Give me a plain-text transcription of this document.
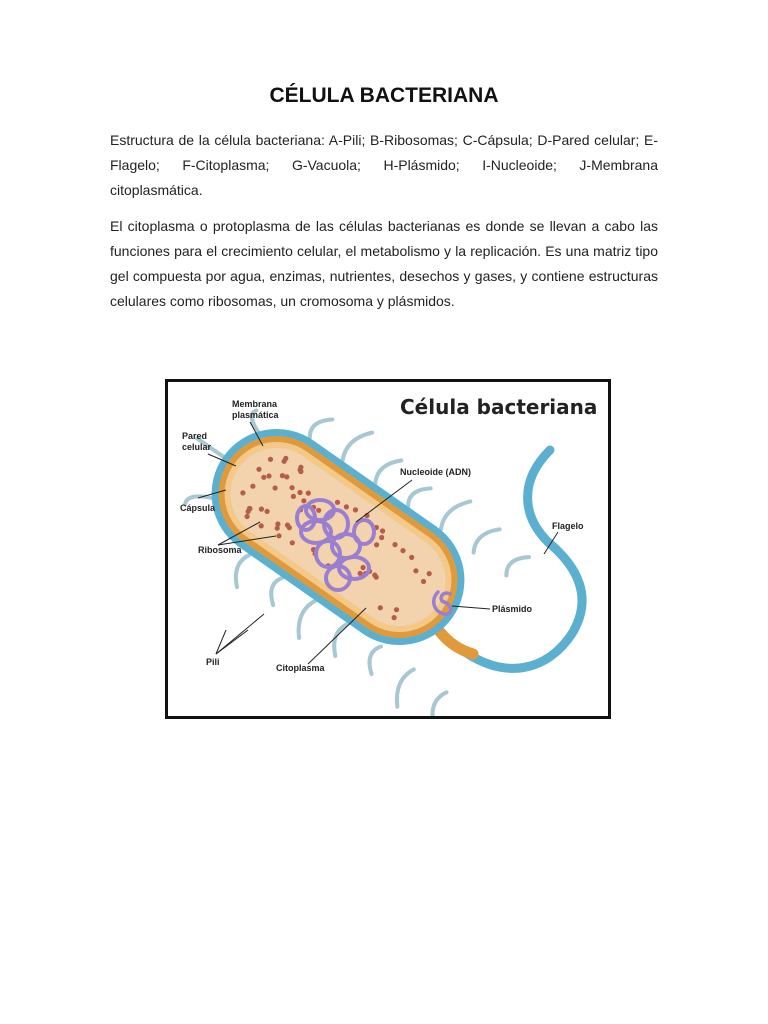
CÉLULA BACTERIANA

Estructura de la célula bacteriana: A-Pili; B-Ribosomas; C-Cápsula; D-Pared celular; E-Flagelo; F-Citoplasma; G-Vacuola; H-Plásmido; I-Nucleoide; J-Membrana citoplasmática.

El citoplasma o protoplasma de las células bacterianas es donde se llevan a cabo las funciones para el crecimiento celular, el metabolismo y la replicación. Es una matriz tipo gel compuesta por agua, enzimas, nutrientes, desechos y gases, y contiene estructuras celulares como ribosomas, un cromosoma y plásmidos.

Célula bacteriana
Membrana
plasmática
Pared
celular
Cápsula
Ribosoma
Pili
Citoplasma
Nucleoide (ADN)
Flagelo
Plásmido
